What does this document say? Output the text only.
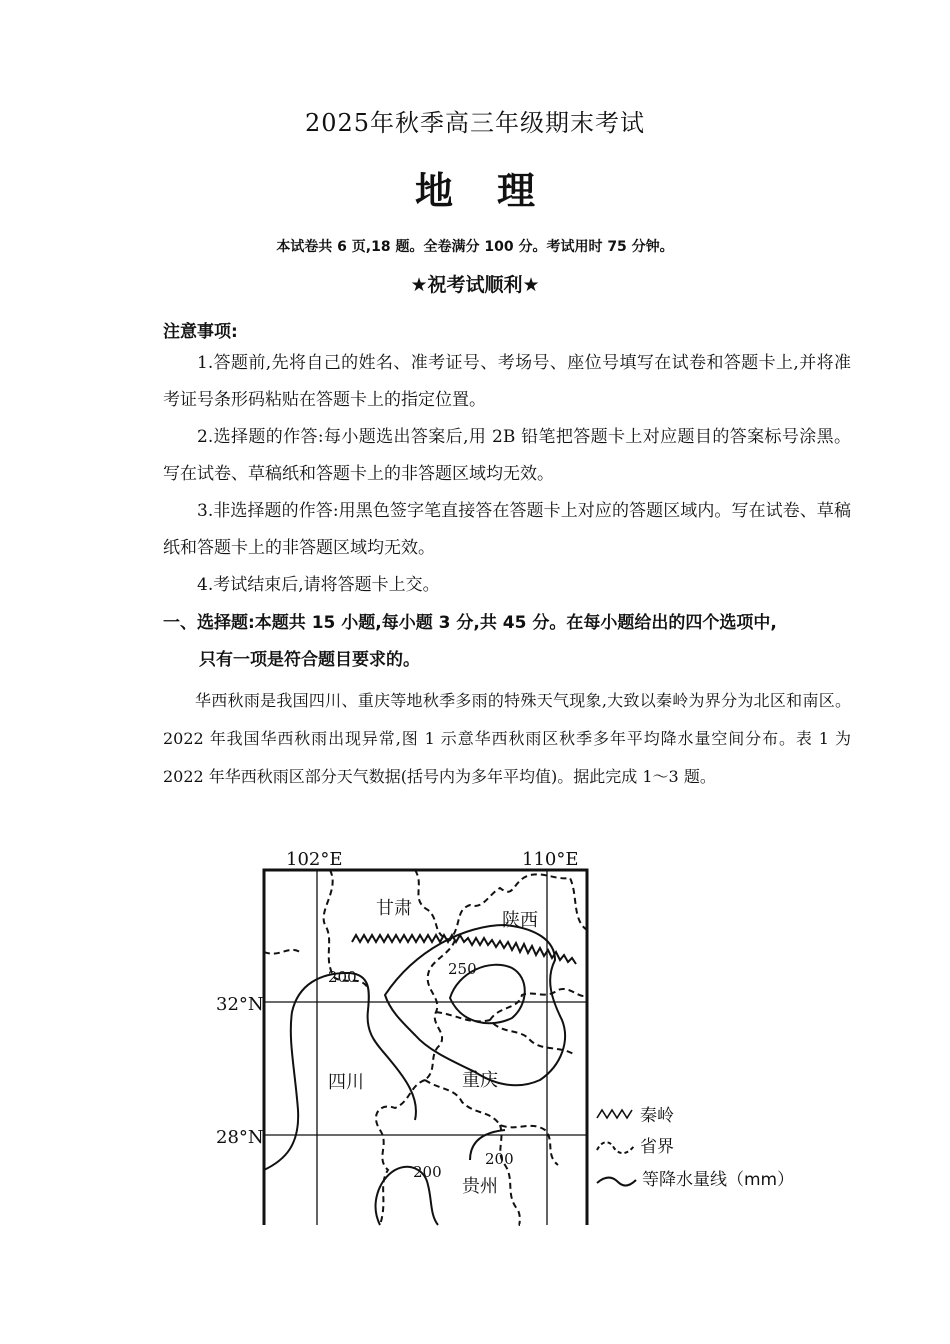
2025年秋季高三年级期末考试
地 理
本试卷共 6 页,18 题。全卷满分 100 分。考试用时 75 分钟。
★祝考试顺利★
注意事项:
1.答题前,先将自己的姓名、准考证号、考场号、座位号填写在试卷和答题卡上,并将准考证号条形码粘贴在答题卡上的指定位置。
2.选择题的作答:每小题选出答案后,用 2B 铅笔把答题卡上对应题目的答案标号涂黑。写在试卷、草稿纸和答题卡上的非答题区域均无效。
3.非选择题的作答:用黑色签字笔直接答在答题卡上对应的答题区域内。写在试卷、草稿纸和答题卡上的非答题区域均无效。
4.考试结束后,请将答题卡上交。
一、选择题:本题共 15 小题,每小题 3 分,共 45 分。在每小题给出的四个选项中,
只有一项是符合题目要求的。
华西秋雨是我国四川、重庆等地秋季多雨的特殊天气现象,大致以秦岭为界分为北区和南区。2022 年我国华西秋雨出现异常,图 1 示意华西秋雨区秋季多年平均降水量空间分布。表 1 为 2022 年华西秋雨区部分天气数据(括号内为多年平均值)。据此完成 1～3 题。
102°E	110°E
32°N
28°N
200	250
200
200
甘肃
陕西
四川	重庆
贵州
秦岭
省界
等降水量线（mm）
